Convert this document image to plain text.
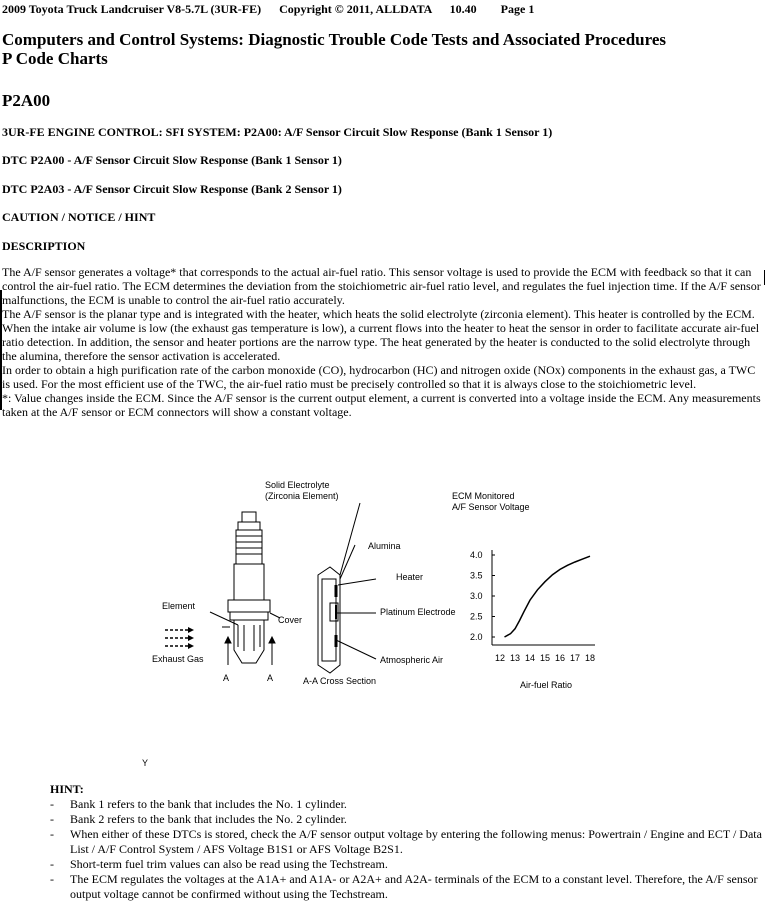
2009 Toyota Truck Landcruiser V8-5.7L (3UR-FE)      Copyright © 2011, ALLDATA      10.40        Page 1
Computers and Control Systems: Diagnostic Trouble Code Tests and Associated Procedures
P Code Charts
P2A00
3UR-FE ENGINE CONTROL: SFI SYSTEM: P2A00: A/F Sensor Circuit Slow Response (Bank 1 Sensor 1)
DTC P2A00 - A/F Sensor Circuit Slow Response (Bank 1 Sensor 1)
DTC P2A03 - A/F Sensor Circuit Slow Response (Bank 2 Sensor 1)
CAUTION / NOTICE / HINT
DESCRIPTION

The A/F sensor generates a voltage* that corresponds to the actual air-fuel ratio. This sensor voltage is used to provide the ECM with feedback so that it can control the air-fuel ratio. The ECM determines the deviation from the stoichiometric air-fuel ratio level, and regulates the fuel injection time. If the A/F sensor malfunctions, the ECM is unable to control the air-fuel ratio accurately.

The A/F sensor is the planar type and is integrated with the heater, which heats the solid electrolyte (zirconia element). This heater is controlled by the ECM. When the intake air volume is low (the exhaust gas temperature is low), a current flows into the heater to heat the sensor in order to facilitate accurate air-fuel ratio detection. In addition, the sensor and heater portions are the narrow type. The heat generated by the heater is conducted to the solid electrolyte through the alumina, therefore the sensor activation is accelerated.

In order to obtain a high purification rate of the carbon monoxide (CO), hydrocarbon (HC) and nitrogen oxide (NOx) components in the exhaust gas, a TWC is used. For the most efficient use of the TWC, the air-fuel ratio must be precisely controlled so that it is always close to the stoichiometric level.

*: Value changes inside the ECM. Since the A/F sensor is the current output element, a current is converted into a voltage inside the ECM. Any measurements taken at the A/F sensor or ECM connectors will show a constant voltage.

Element
Cover
Exhaust Gas
A	A
Solid Electrolyte
(Zirconia Element)
Alumina
Heater
Platinum Electrode
Atmospheric Air
A-A Cross Section
ECM Monitored
A/F Sensor Voltage
4.0
3.5
3.0
2.5
2.0
12 13 14 15 16 17 18
Air-fuel Ratio
Y
HINT:
- Bank 1 refers to the bank that includes the No. 1 cylinder.
- Bank 2 refers to the bank that includes the No. 2 cylinder.
- When either of these DTCs is stored, check the A/F sensor output voltage by entering the following menus: Powertrain / Engine and ECT / Data List / A/F Control System / AFS Voltage B1S1 or AFS Voltage B2S1.
- Short-term fuel trim values can also be read using the Techstream.
- The ECM regulates the voltages at the A1A+ and A1A- or A2A+ and A2A- terminals of the ECM to a constant level. Therefore, the A/F sensor output voltage cannot be confirmed without using the Techstream.
